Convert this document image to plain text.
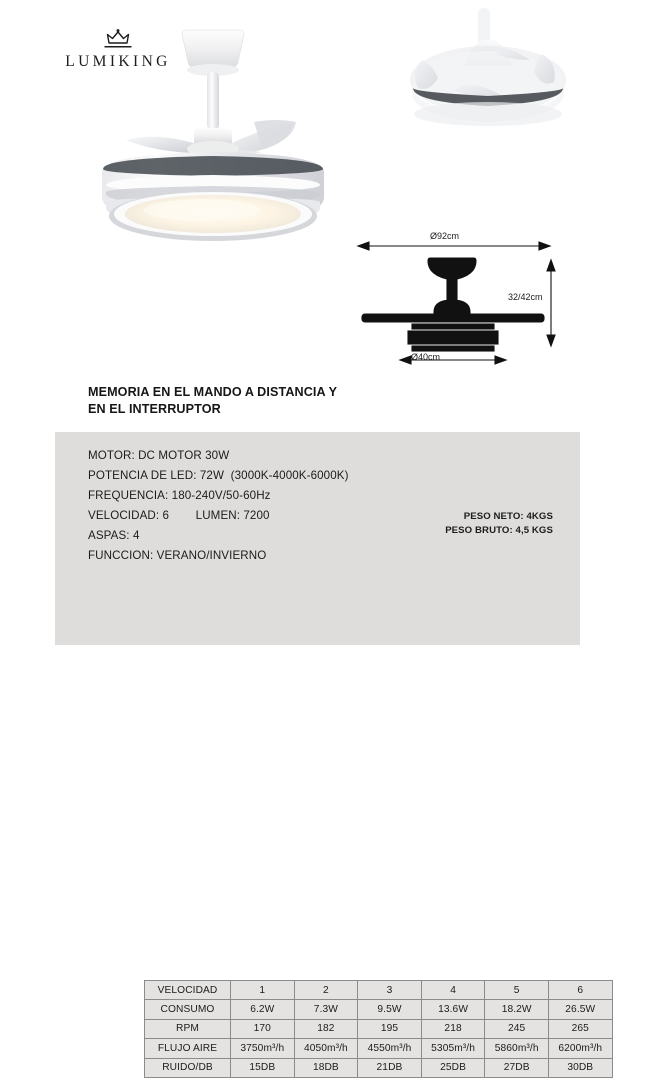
LUMIKING
Ø92cm
32/42cm
Ø40cm
MEMORIA EN EL MANDO A DISTANCIA Y
EN EL INTERRUPTOR
MOTOR: DC MOTOR 30W
POTENCIA DE LED: 72W  (3000K-4000K-6000K)
FREQUENCIA: 180-240V/50-60Hz
VELOCIDAD: 6        LUMEN: 7200
ASPAS: 4
FUNCCION: VERANO/INVIERNO
PESO NETO: 4KGS
PESO BRUTO: 4,5 KGS
VELOCIDAD	1	2	3	4	5	6
CONSUMO	6.2W	7.3W	9.5W	13.6W	18.2W	26.5W
RPM	170	182	195	218	245	265
FLUJO AIRE	3750m³/h	4050m³/h	4550m³/h	5305m³/h	5860m³/h	6200m³/h
RUIDO/DB	15DB	18DB	21DB	25DB	27DB	30DB
